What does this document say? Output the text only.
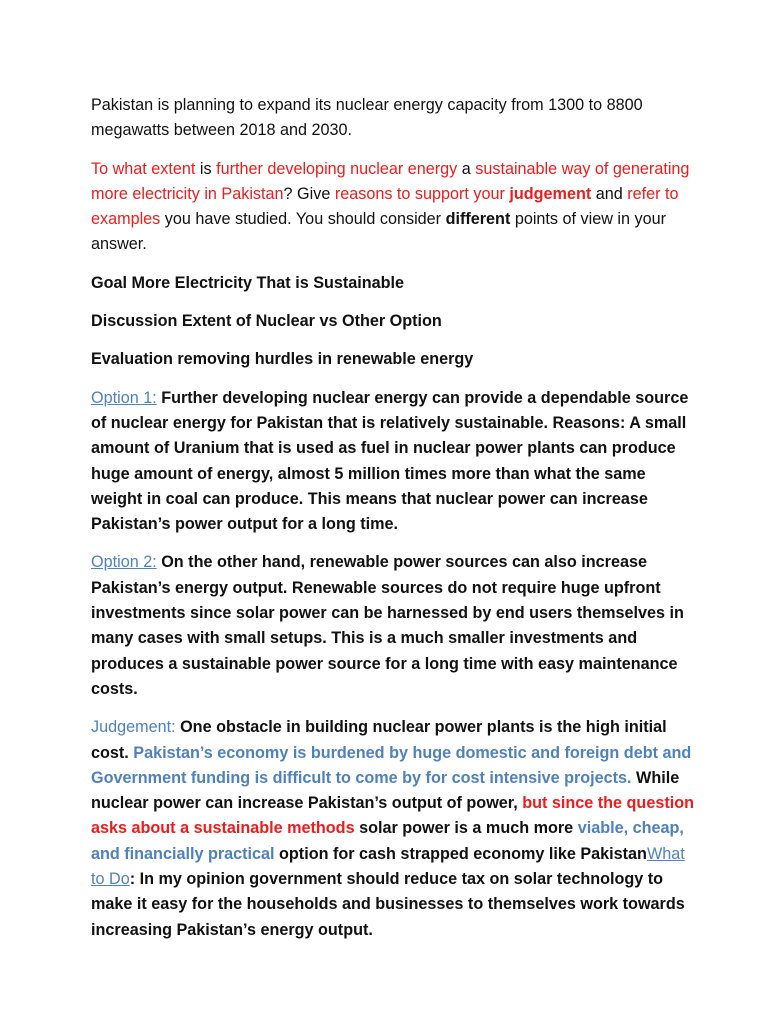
Pakistan is planning to expand its nuclear energy capacity from 1300 to 8800 megawatts between 2018 and 2030.

To what extent is further developing nuclear energy a sustainable way of generating more electricity in Pakistan? Give reasons to support your judgement and refer to examples you have studied. You should consider different points of view in your answer.

Goal More Electricity That is Sustainable

Discussion Extent of Nuclear vs Other Option

Evaluation removing hurdles in renewable energy

Option 1: Further developing nuclear energy can provide a dependable source of nuclear energy for Pakistan that is relatively sustainable. Reasons: A small amount of Uranium that is used as fuel in nuclear power plants can produce huge amount of energy, almost 5 million times more than what the same weight in coal can produce. This means that nuclear power can increase Pakistan’s power output for a long time.

Option 2: On the other hand, renewable power sources can also increase Pakistan’s energy output. Renewable sources do not require huge upfront investments since solar power can be harnessed by end users themselves in many cases with small setups. This is a much smaller investments and produces a sustainable power source for a long time with easy maintenance costs.

Judgement: One obstacle in building nuclear power plants is the high initial cost. Pakistan’s economy is burdened by huge domestic and foreign debt and Government funding is difficult to come by for cost intensive projects. While nuclear power can increase Pakistan’s output of power, but since the question asks about a sustainable methods solar power is a much more viable, cheap, and financially practical option for cash strapped economy like PakistanWhat to Do: In my opinion government should reduce tax on solar technology to make it easy for the households and businesses to themselves work towards increasing Pakistan’s energy output.
